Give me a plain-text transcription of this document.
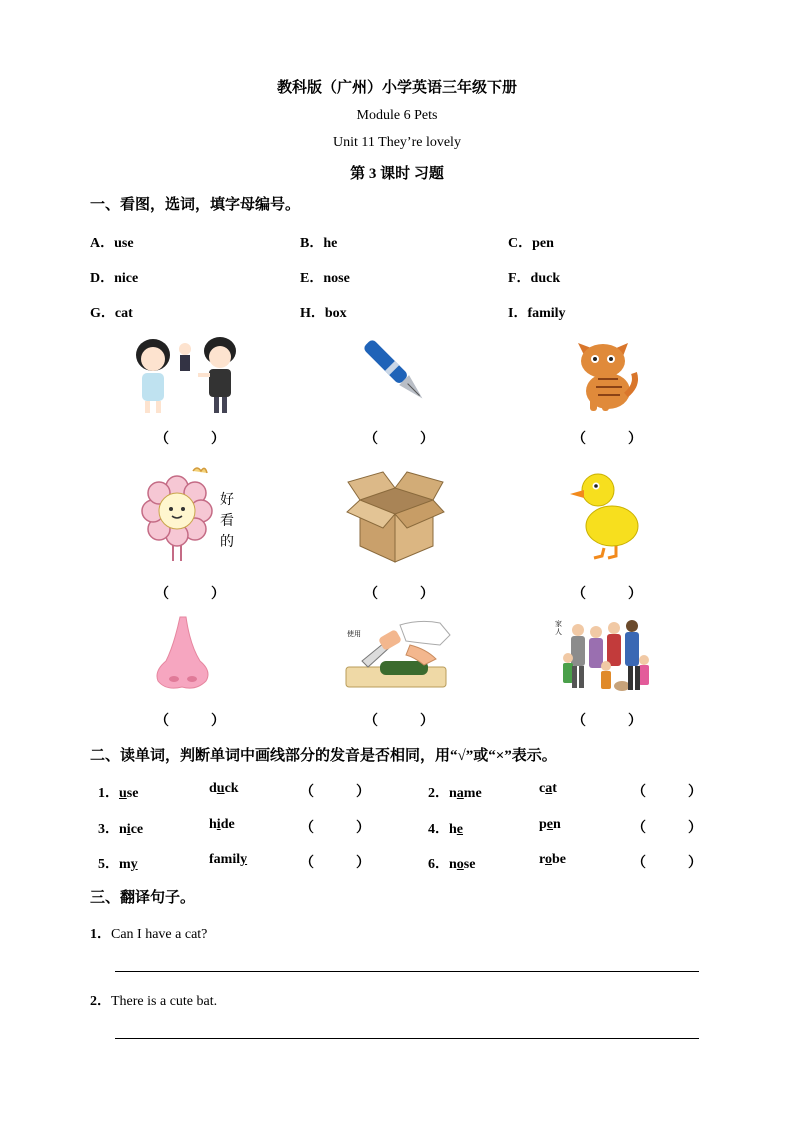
教科版（广州）小学英语三年级下册
Module 6 Pets
Unit 11 They’re lovely
第 3 课时 习题
一、看图，选词，填字母编号。
A．use	B．he	C．pen
D．nice	E．nose	F．duck
G．cat	H．box	I．family
（	）	（	）	（	）
好
看
的
（	）	（	）	（	）
使用
家人
（	）	（	）	（	）
二、读单词，判断单词中画线部分的发音是否相同，用“√”或“×”表示。
1．use	duck	（	）	2．name	cat	（	）
3．nice	hide	（	）	4．he	pen	（	）
5．my	family	（	）	6．nose	robe	（	）
三、翻译句子。
1．Can I have a cat?
2．There is a cute bat.
